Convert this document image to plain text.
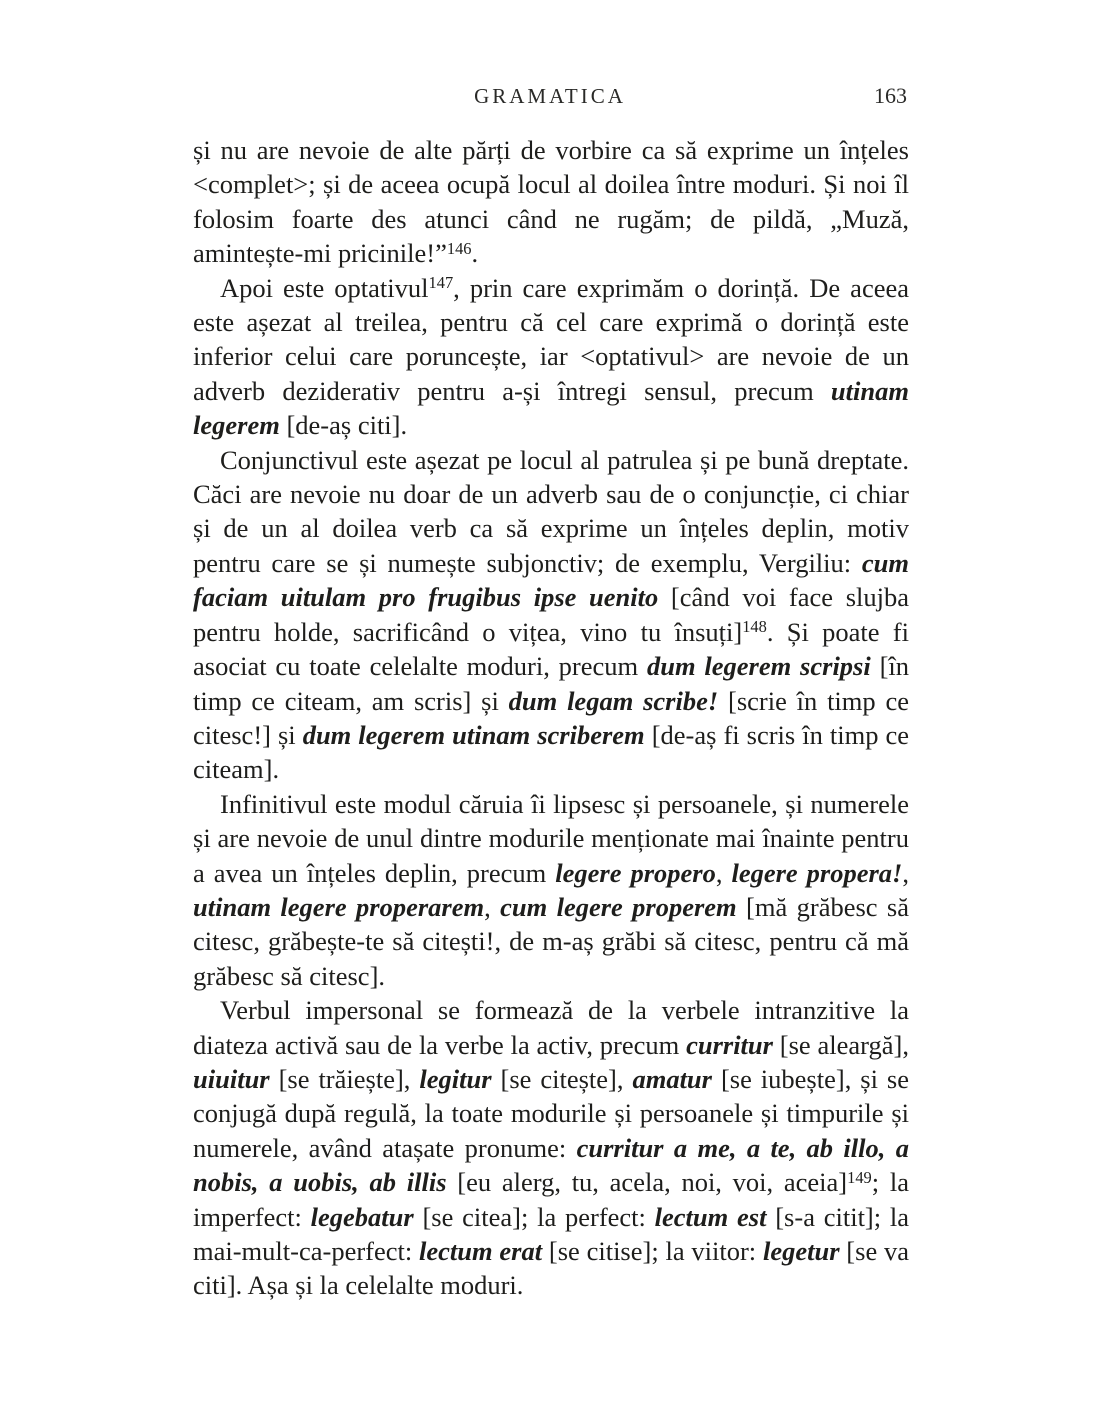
GRAMATICA	163

și nu are nevoie de alte părți de vorbire ca să exprime un înțeles <complet>; și de aceea ocupă locul al doilea între moduri. Și noi îl folosim foarte des atunci când ne rugăm; de pildă, „Muză, amintește-mi pricinile!”$^{146}$.

Apoi este optativul$^{147}$, prin care exprimăm o dorință. De aceea este așezat al treilea, pentru că cel care exprimă o dorință este inferior celui care poruncește, iar <optativul> are nevoie de un adverb deziderativ pentru a-și întregi sensul, precum utinam legerem [de-aș citi].

Conjunctivul este așezat pe locul al patrulea și pe bună dreptate. Căci are nevoie nu doar de un adverb sau de o conjuncție, ci chiar și de un al doilea verb ca să exprime un înțeles deplin, motiv pentru care se și numește subjonctiv; de exemplu, Vergiliu: cum faciam uitulam pro frugibus ipse uenito [când voi face slujba pentru holde, sacrificând o vițea, vino tu însuți]$^{148}$. Și poate fi asociat cu toate celelalte moduri, precum dum legerem scripsi [în timp ce citeam, am scris] și dum legam scribe! [scrie în timp ce citesc!] și dum legerem utinam scriberem [de-aș fi scris în timp ce citeam].

Infinitivul este modul căruia îi lipsesc și persoanele, și numerele și are nevoie de unul dintre modurile menționate mai înainte pentru a avea un înțeles deplin, precum legere propero, legere propera!, utinam legere properarem, cum legere properem [mă grăbesc să citesc, grăbește-te să citești!, de m-aș grăbi să citesc, pentru că mă grăbesc să citesc].

Verbul impersonal se formează de la verbele intranzitive la diateza activă sau de la verbe la activ, precum curritur [se aleargă], uiuitur [se trăiește], legitur [se citește], amatur [se iubește], și se conjugă după regulă, la toate modurile și persoanele și timpurile și numerele, având atașate pronume: curritur a me, a te, ab illo, a nobis, a uobis, ab illis [eu alerg, tu, acela, noi, voi, aceia]$^{149}$; la imperfect: legebatur [se citea]; la perfect: lectum est [s-a citit]; la mai-mult-ca-perfect: lectum erat [se citise]; la viitor: legetur [se va citi]. Așa și la celelalte moduri.
